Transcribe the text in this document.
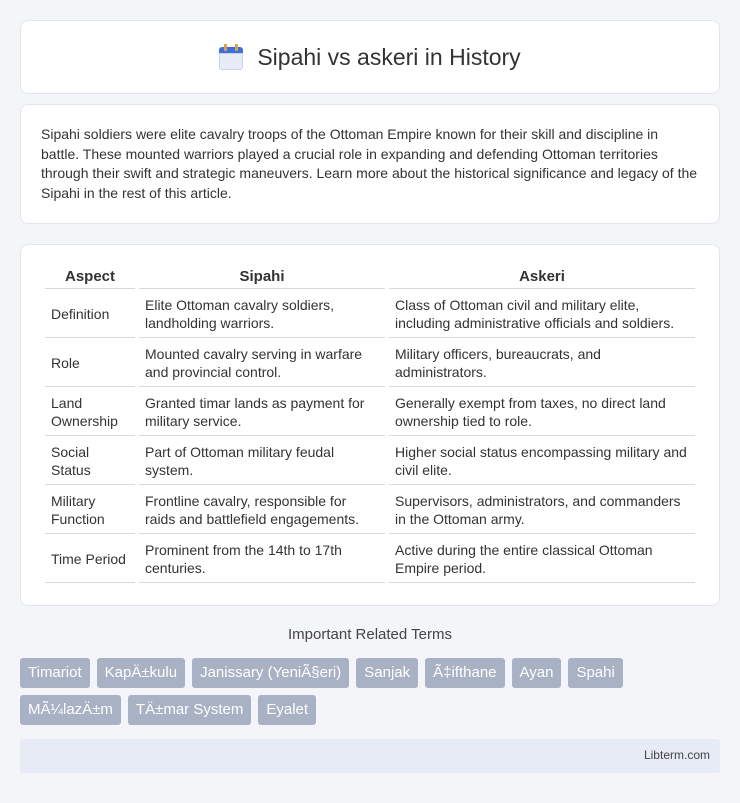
Sipahi vs askeri in History

Sipahi soldiers were elite cavalry troops of the Ottoman Empire known for their skill and discipline in battle. These mounted warriors played a crucial role in expanding and defending Ottoman territories through their swift and strategic maneuvers. Learn more about the historical significance and legacy of the Sipahi in the rest of this article.

Aspect	Sipahi	Askeri
Definition	Elite Ottoman cavalry soldiers, landholding warriors.	Class of Ottoman civil and military elite, including administrative officials and soldiers.
Role	Mounted cavalry serving in warfare and provincial control.	Military officers, bureaucrats, and administrators.
Land Ownership	Granted timar lands as payment for military service.	Generally exempt from taxes, no direct land ownership tied to role.
Social Status	Part of Ottoman military feudal system.	Higher social status encompassing military and civil elite.
Military Function	Frontline cavalry, responsible for raids and battlefield engagements.	Supervisors, administrators, and commanders in the Ottoman army.
Time Period	Prominent from the 14th to 17th centuries.	Active during the entire classical Ottoman Empire period.
Important Related Terms
Timariot	KapÄ±kulu	Janissary (YeniÃ§eri)	Sanjak	Ã‡ifthane	Ayan	Spahi
MÃ¼lazÄ±m	TÄ±mar System	Eyalet
Libterm.com
